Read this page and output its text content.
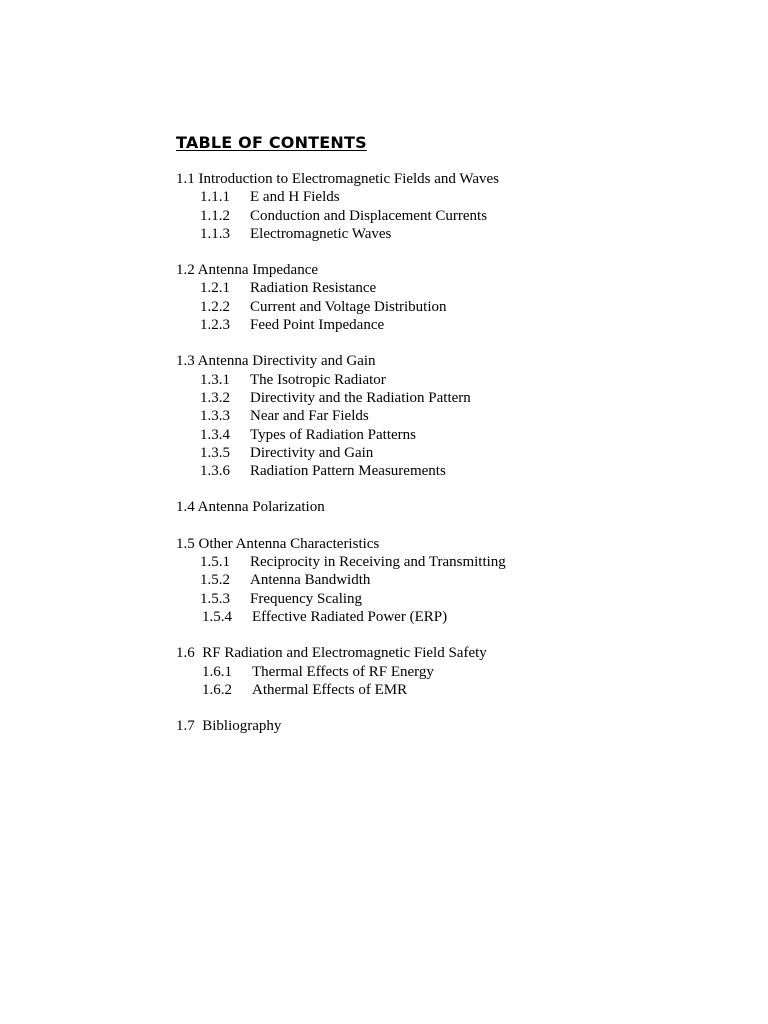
TABLE OF CONTENTS
1.1 Introduction to Electromagnetic Fields and Waves
1.1.1 E and H Fields
1.1.2 Conduction and Displacement Currents
1.1.3 Electromagnetic Waves
1.2 Antenna Impedance
1.2.1 Radiation Resistance
1.2.2 Current and Voltage Distribution
1.2.3 Feed Point Impedance
1.3 Antenna Directivity and Gain
1.3.1 The Isotropic Radiator
1.3.2 Directivity and the Radiation Pattern
1.3.3 Near and Far Fields
1.3.4 Types of Radiation Patterns
1.3.5 Directivity and Gain
1.3.6 Radiation Pattern Measurements
1.4 Antenna Polarization
1.5 Other Antenna Characteristics
1.5.1 Reciprocity in Receiving and Transmitting
1.5.2 Antenna Bandwidth
1.5.3 Frequency Scaling
1.5.4 Effective Radiated Power (ERP)
1.6  RF Radiation and Electromagnetic Field Safety
1.6.1 Thermal Effects of RF Energy
1.6.2 Athermal Effects of EMR
1.7  Bibliography
